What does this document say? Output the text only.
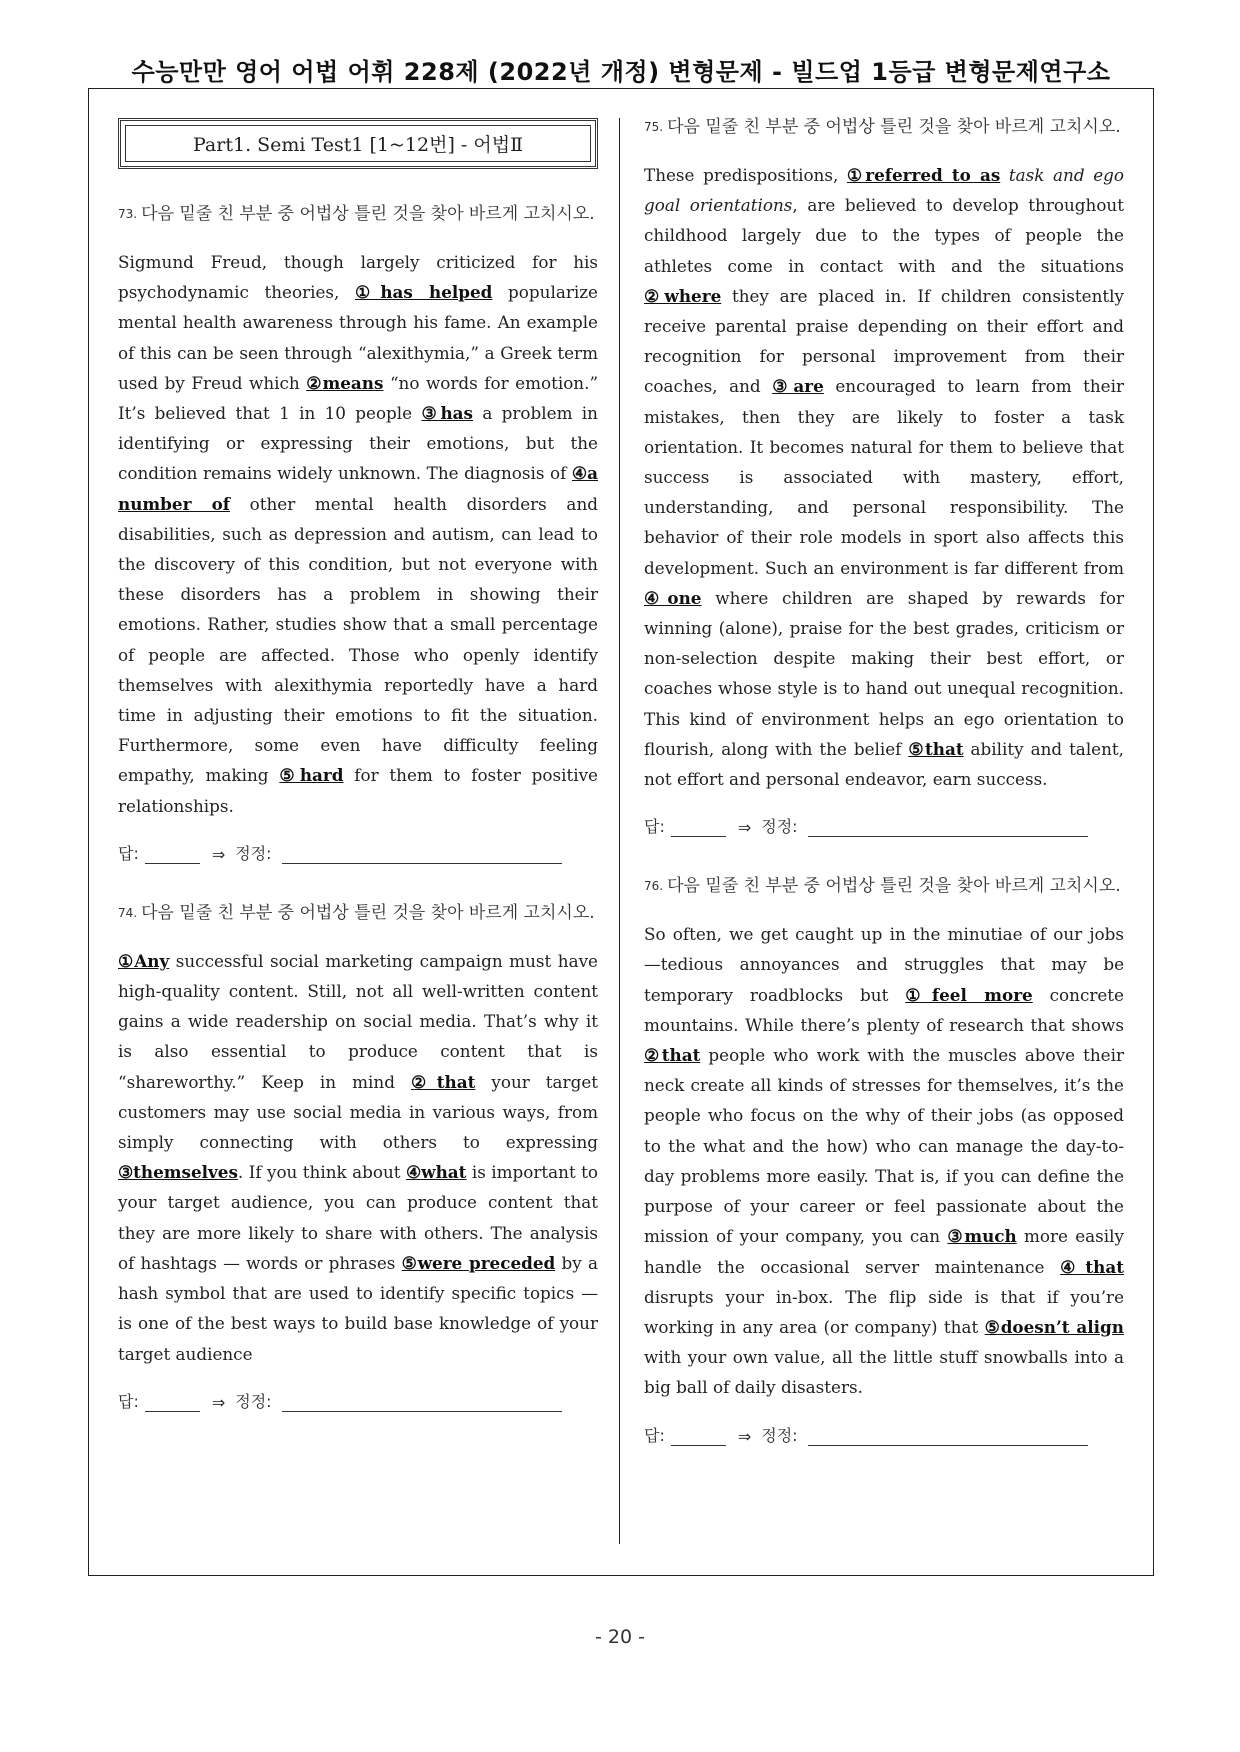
수능만만 영어 어법 어휘 228제 (2022년 개정) 변형문제 - 빌드업 1등급 변형문제연구소
Part1. Semi Test1 [1~12번] - 어법Ⅱ

$^{73.}$ 다음 밑줄 친 부분 중 어법상 틀린 것을 찾아 바르게 고치시오.

Sigmund Freud, though largely criticized for his psychodynamic theories, ①has helped popularize mental health awareness through his fame. An example of this can be seen through “alexithymia,” a Greek term used by Freud which ②means “no words for emotion.” It’s believed that 1 in 10 people ③has a problem in identifying or expressing their emotions, but the condition remains widely unknown. The diagnosis of ④a number of other mental health disorders and disabilities, such as depression and autism, can lead to the discovery of this condition, but not everyone with these disorders has a problem in showing their emotions. Rather, studies show that a small percentage of people are affected. Those who openly identify themselves with alexithymia reportedly have a hard time in adjusting their emotions to fit the situation. Furthermore, some even have difficulty feeling empathy, making ⑤hard for them to foster positive relationships.

답:	⇒ 정정:

$^{74.}$ 다음 밑줄 친 부분 중 어법상 틀린 것을 찾아 바르게 고치시오.

①Any successful social marketing campaign must have high-quality content. Still, not all well-written content gains a wide readership on social media. That’s why it is also essential to produce content that is “shareworthy.” Keep in mind ②that your target customers may use social media in various ways, from simply connecting with others to expressing ③themselves. If you think about ④what is important to your target audience, you can produce content that they are more likely to share with others. The analysis of hashtags — words or phrases ⑤were preceded by a hash symbol that are used to identify specific topics — is one of the best ways to build base knowledge of your target audience

답:	⇒ 정정:

$^{75.}$ 다음 밑줄 친 부분 중 어법상 틀린 것을 찾아 바르게 고치시오.

These predispositions, ①referred to as task and ego goal orientations, are believed to develop throughout childhood largely due to the types of people the athletes come in contact with and the situations ②where they are placed in. If children consistently receive parental praise depending on their effort and recognition for personal improvement from their coaches, and ③are encouraged to learn from their mistakes, then they are likely to foster a task orientation. It becomes natural for them to believe that success is associated with mastery, effort, understanding, and personal responsibility. The behavior of their role models in sport also affects this development. Such an environment is far different from ④one where children are shaped by rewards for winning (alone), praise for the best grades, criticism or non-selection despite making their best effort, or coaches whose style is to hand out unequal recognition. This kind of environment helps an ego orientation to flourish, along with the belief ⑤that ability and talent, not effort and personal endeavor, earn success.

답:	⇒ 정정:

$^{76.}$ 다음 밑줄 친 부분 중 어법상 틀린 것을 찾아 바르게 고치시오.

So often, we get caught up in the minutiae of our jobs —tedious annoyances and struggles that may be temporary roadblocks but ①feel more concrete mountains. While there’s plenty of research that shows ②that people who work with the muscles above their neck create all kinds of stresses for themselves, it’s the people who focus on the why of their jobs (as opposed to the what and the how) who can manage the day-to-day problems more easily. That is, if you can define the purpose of your career or feel passionate about the mission of your company, you can ③much more easily handle the occasional server maintenance ④that disrupts your in-box. The flip side is that if you’re working in any area (or company) that ⑤doesn’t align with your own value, all the little stuff snowballs into a big ball of daily disasters.

답:	⇒ 정정:
- 20 -
